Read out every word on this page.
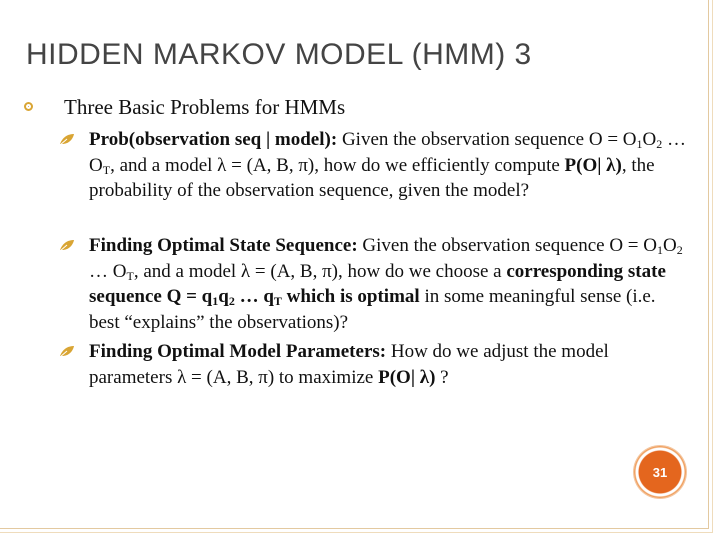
HIDDEN MARKOV MODEL (HMM) 3
Three Basic Problems for HMMs
Prob(observation seq | model): Given the observation sequence $O = O_1O_2$ … $O_T$, and a model λ = (A, B, π), how do we efficiently compute P(O| λ), the probability of the observation sequence, given the model?
Finding Optimal State Sequence: Given the observation sequence $O = O_1O_2$ … $O_T$, and a model λ = (A, B, π), how do we choose a corresponding state sequence $Q = q_1q_2$ … $q_T$ which is optimal in some meaningful sense (i.e. best “explains” the observations)?
Finding Optimal Model Parameters: How do we adjust the model parameters λ = (A, B, π) to maximize P(O| λ) ?
31
